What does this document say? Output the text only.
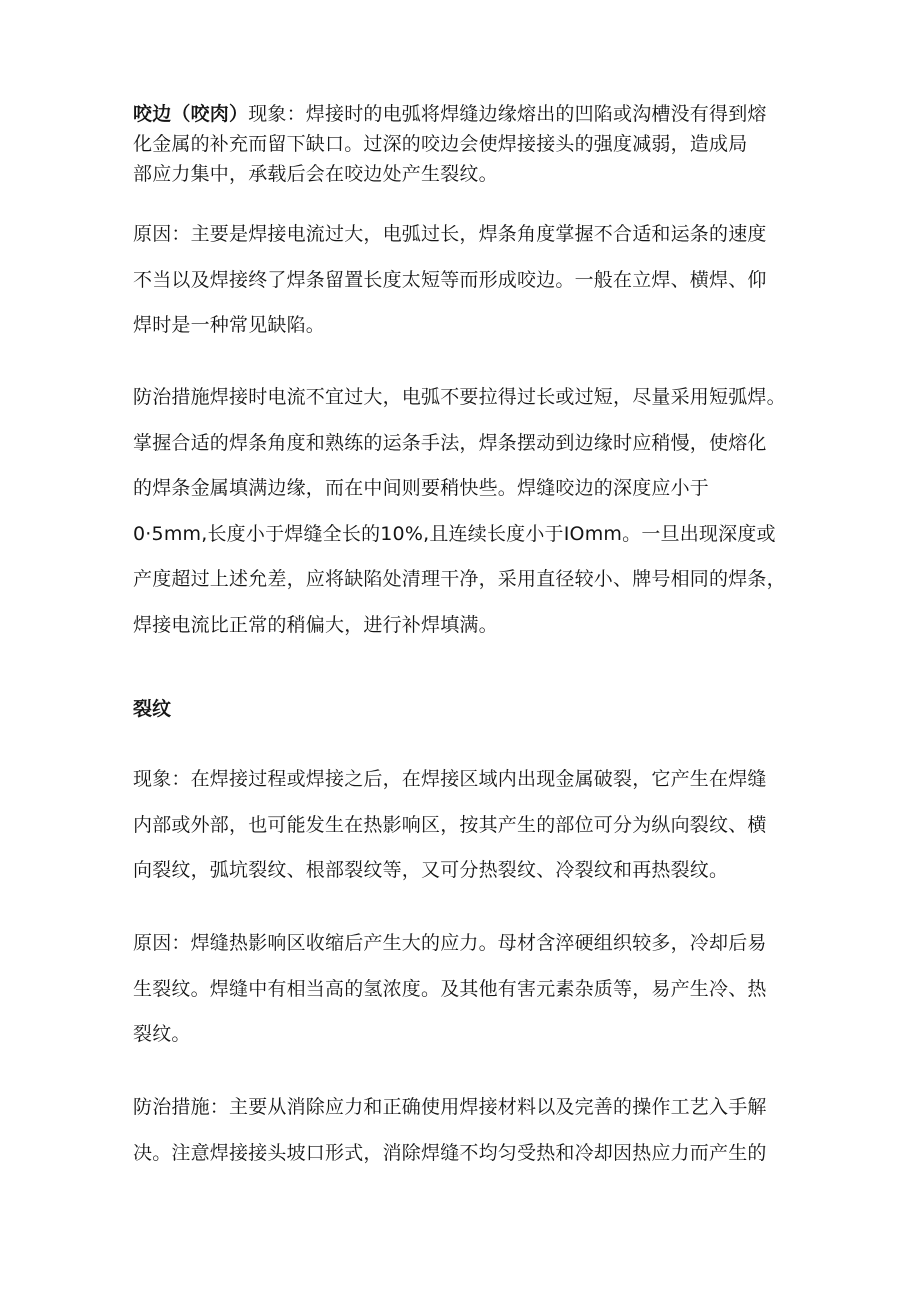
咬边（咬肉）现象：焊接时的电弧将焊缝边缘熔出的凹陷或沟槽没有得到熔
化金属的补充而留下缺口。过深的咬边会使焊接接头的强度减弱，造成局
部应力集中，承载后会在咬边处产生裂纹。
原因：主要是焊接电流过大，电弧过长，焊条角度掌握不合适和运条的速度
不当以及焊接终了焊条留置长度太短等而形成咬边。一般在立焊、横焊、仰
焊时是一种常见缺陷。
防治措施焊接时电流不宜过大，电弧不要拉得过长或过短，尽量采用短弧焊。
掌握合适的焊条角度和熟练的运条手法，焊条摆动到边缘时应稍慢，使熔化
的焊条金属填满边缘，而在中间则要稍快些。焊缝咬边的深度应小于
0·5mm,长度小于焊缝全长的10%,且连续长度小于IOmm。一旦出现深度或
产度超过上述允差，应将缺陷处清理干净，采用直径较小、牌号相同的焊条，
焊接电流比正常的稍偏大，进行补焊填满。
裂纹
现象：在焊接过程或焊接之后，在焊接区域内出现金属破裂，它产生在焊缝
内部或外部，也可能发生在热影响区，按其产生的部位可分为纵向裂纹、横
向裂纹，弧坑裂纹、根部裂纹等，又可分热裂纹、冷裂纹和再热裂纹。
原因：焊缝热影响区收缩后产生大的应力。母材含淬硬组织较多，冷却后易
生裂纹。焊缝中有相当高的氢浓度。及其他有害元素杂质等，易产生冷、热
裂纹。
防治措施：主要从消除应力和正确使用焊接材料以及完善的操作工艺入手解
决。注意焊接接头坡口形式，消除焊缝不均匀受热和冷却因热应力而产生的
